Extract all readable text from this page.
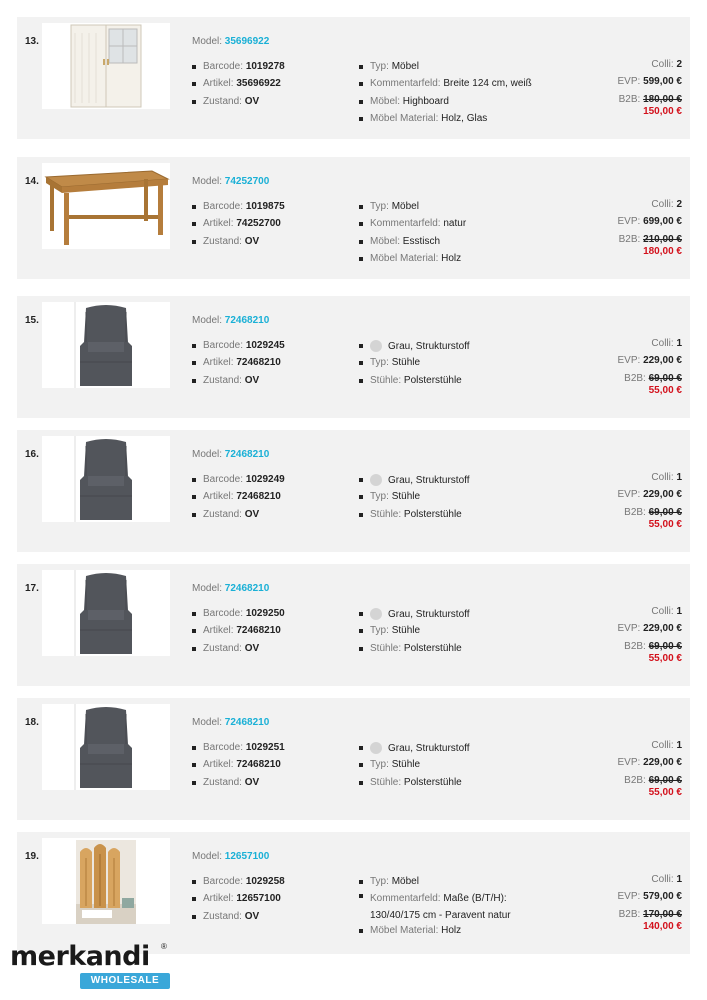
13.	Model: 35696922
Barcode: 1019278
Artikel: 35696922
Zustand: OV
Typ: Möbel
Kommentarfeld: Breite 124 cm, weiß
Möbel: Highboard
Möbel Material: Holz, Glas
Colli: 2
EVP: 599,00 €
B2B: 180,00 €
150,00 €
14.	Model: 74252700
Barcode: 1019875
Artikel: 74252700
Zustand: OV
Typ: Möbel
Kommentarfeld: natur
Möbel: Esstisch
Möbel Material: Holz
Colli: 2
EVP: 699,00 €
B2B: 210,00 €
180,00 €
15.	Model: 72468210
Barcode: 1029245
Artikel: 72468210
Zustand: OV
Grau, Strukturstoff
Typ: Stühle
Stühle: Polsterstühle
Colli: 1
EVP: 229,00 €
B2B: 69,00 €
55,00 €
16.	Model: 72468210
Barcode: 1029249
Artikel: 72468210
Zustand: OV
Grau, Strukturstoff
Typ: Stühle
Stühle: Polsterstühle
Colli: 1
EVP: 229,00 €
B2B: 69,00 €
55,00 €
17.	Model: 72468210
Barcode: 1029250
Artikel: 72468210
Zustand: OV
Grau, Strukturstoff
Typ: Stühle
Stühle: Polsterstühle
Colli: 1
EVP: 229,00 €
B2B: 69,00 €
55,00 €
18.	Model: 72468210
Barcode: 1029251
Artikel: 72468210
Zustand: OV
Grau, Strukturstoff
Typ: Stühle
Stühle: Polsterstühle
Colli: 1
EVP: 229,00 €
B2B: 69,00 €
55,00 €
19.	Model: 12657100
Barcode: 1029258
Artikel: 12657100
Zustand: OV
Typ: Möbel
Kommentarfeld: Maße (B/T/H): 130/40/175 cm - Paravent natur
Möbel Material: Holz
Colli: 1
EVP: 579,00 €
B2B: 170,00 €
140,00 €
merkandi	®
WHOLESALE
